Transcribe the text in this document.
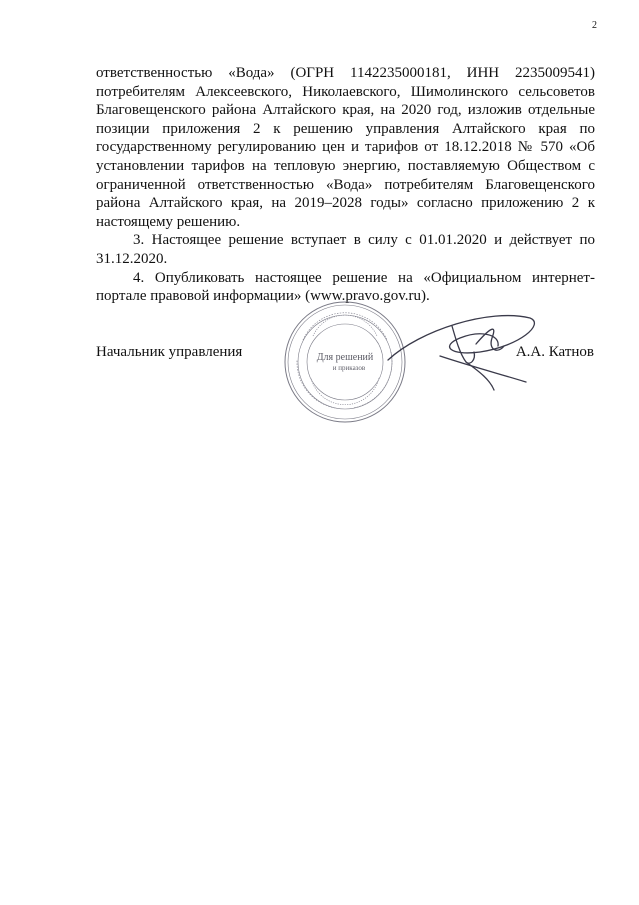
2

ответственностью «Вода» (ОГРН 1142235000181, ИНН 2235009541) потребителям Алексеевского, Николаевского, Шимолинского сельсоветов Благовещенского района Алтайского края, на 2020 год, изложив отдельные позиции приложения 2 к решению управления Алтайского края по государственному регулированию цен и тарифов от 18.12.2018 № 570 «Об установлении тарифов на тепловую энергию, поставляемую Обществом с ограниченной ответственностью «Вода» потребителям Благовещенского района Алтайского края, на 2019–2028 годы» согласно приложению 2 к настоящему решению.

3. Настоящее решение вступает в силу с 01.01.2020 и действует по 31.12.2020.

4. Опубликовать настоящее решение на «Официальном интернет-портале правовой информации» (www.pravo.gov.ru).

Начальник управления	А.А. Катнов
Для решений
и приказов
